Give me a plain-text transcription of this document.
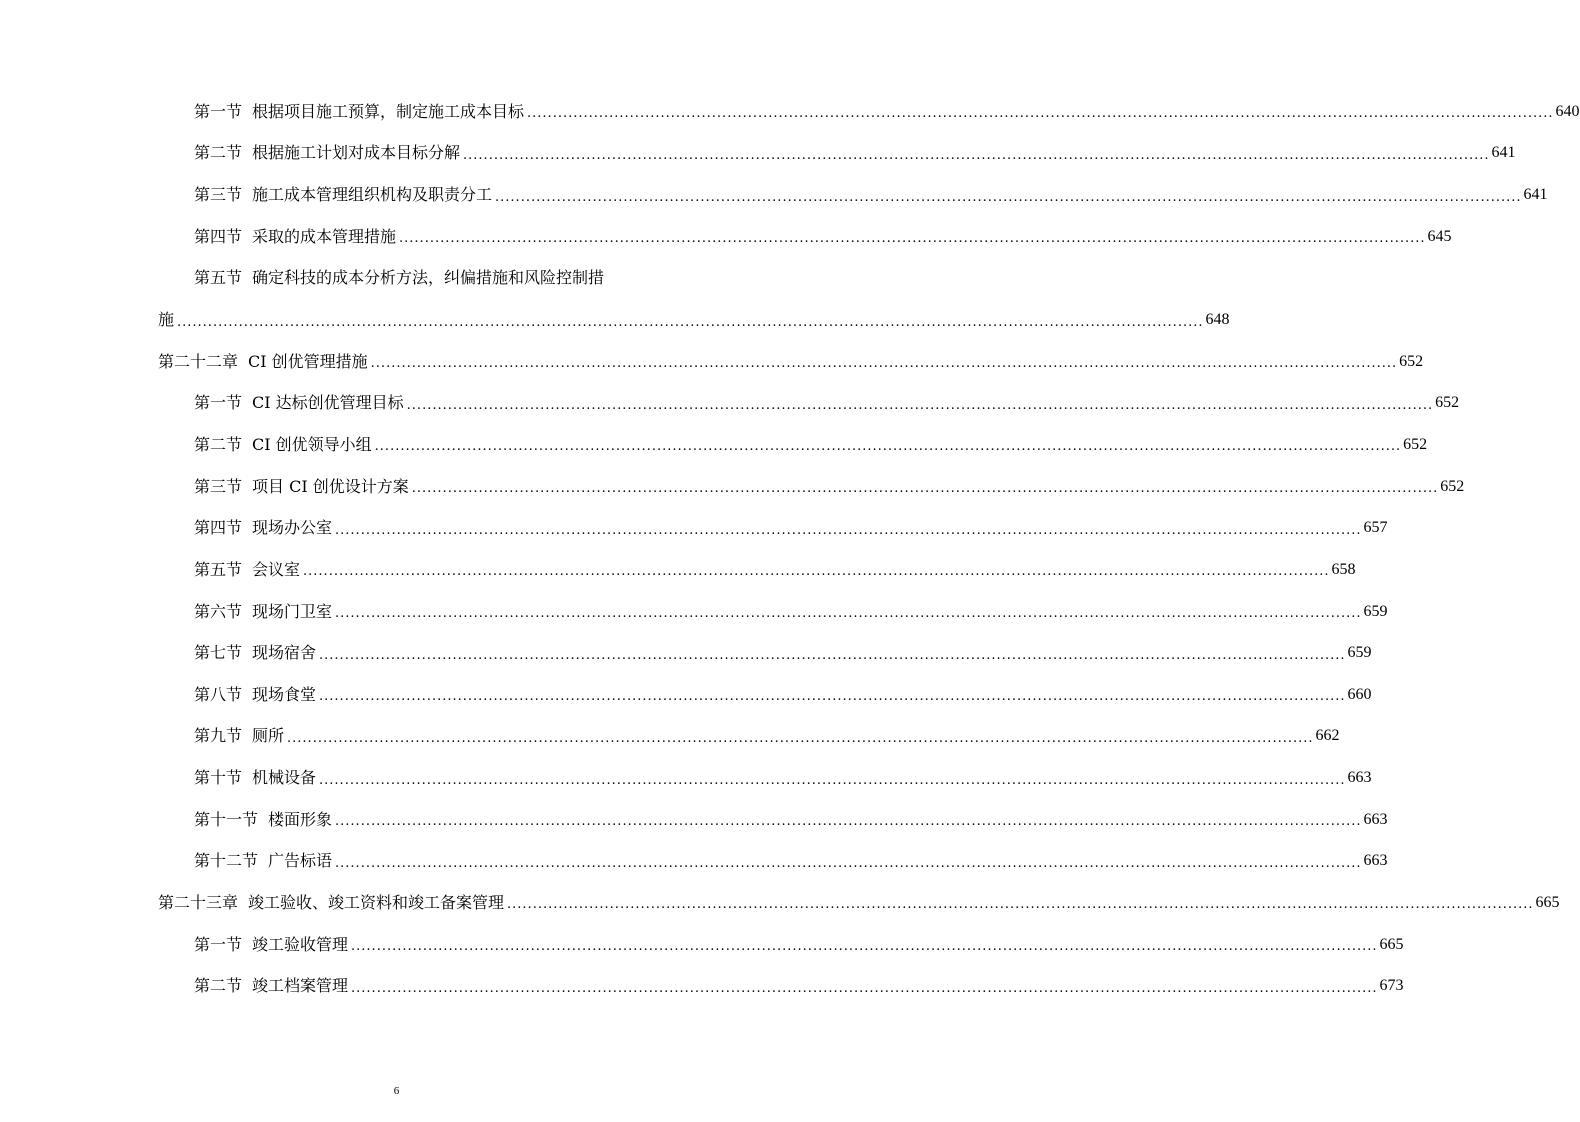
第一节 根据项目施工预算，制定施工成本目标 ........................................................................................................................................................................................................ 640
第二节 根据施工计划对成本目标分解 ........................................................................................................................................................................................................ 641
第三节 施工成本管理组织机构及职责分工 ........................................................................................................................................................................................................ 641
第四节 采取的成本管理措施 ........................................................................................................................................................................................................ 645
第五节 确定科技的成本分析方法，纠偏措施和风险控制措
施 ........................................................................................................................................................................................................ 648
第二十二章 CI 创优管理措施 ........................................................................................................................................................................................................ 652
第一节 CI 达标创优管理目标 ........................................................................................................................................................................................................ 652
第二节 CI 创优领导小组 ........................................................................................................................................................................................................ 652
第三节 项目 CI 创优设计方案 ........................................................................................................................................................................................................ 652
第四节 现场办公室 ........................................................................................................................................................................................................ 657
第五节 会议室 ........................................................................................................................................................................................................ 658
第六节 现场门卫室 ........................................................................................................................................................................................................ 659
第七节 现场宿舍 ........................................................................................................................................................................................................ 659
第八节 现场食堂 ........................................................................................................................................................................................................ 660
第九节 厕所 ........................................................................................................................................................................................................ 662
第十节 机械设备 ........................................................................................................................................................................................................ 663
第十一节 楼面形象 ........................................................................................................................................................................................................ 663
第十二节 广告标语 ........................................................................................................................................................................................................ 663
第二十三章 竣工验收、竣工资料和竣工备案管理 ........................................................................................................................................................................................................ 665
第一节 竣工验收管理 ........................................................................................................................................................................................................ 665
第二节 竣工档案管理 ........................................................................................................................................................................................................ 673
6
